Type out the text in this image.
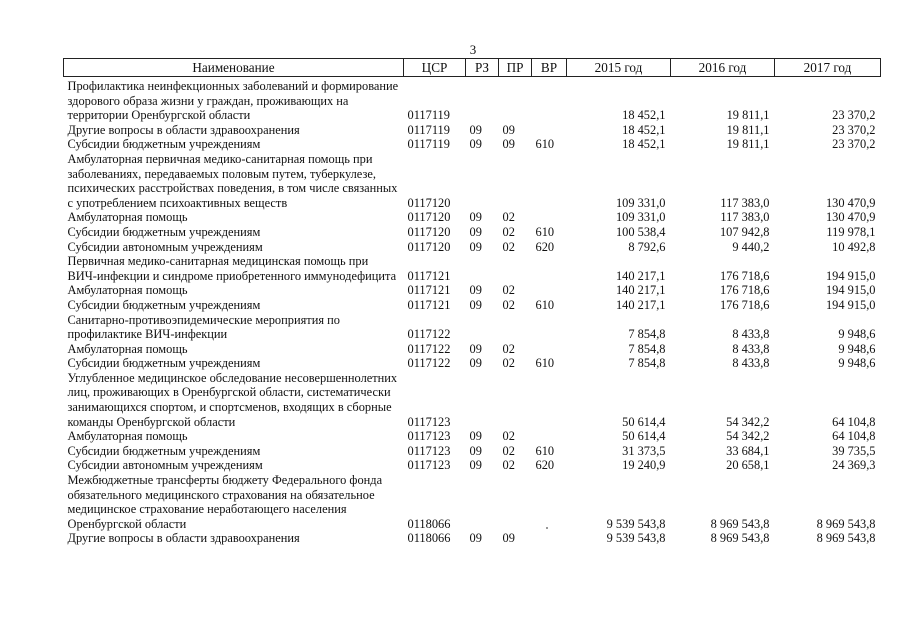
3
Наименование	ЦСР	РЗ	ПР	ВР	2015 год	2016 год	2017 год
Профилактика неинфекционных заболеваний и формирование здорового образа жизни у граждан, проживающих на территории Оренбургской области	0117119				18 452,1	19 811,1	23 370,2
Другие вопросы в области здравоохранения	0117119	09	09		18 452,1	19 811,1	23 370,2
Субсидии бюджетным учреждениям	0117119	09	09	610	18 452,1	19 811,1	23 370,2
Амбулаторная первичная медико-санитарная помощь при заболеваниях, передаваемых половым путем, туберкулезе, психических расстройствах поведения, в том числе связанных с употреблением психоактивных веществ	0117120				109 331,0	117 383,0	130 470,9
Амбулаторная помощь	0117120	09	02		109 331,0	117 383,0	130 470,9
Субсидии бюджетным учреждениям	0117120	09	02	610	100 538,4	107 942,8	119 978,1
Субсидии автономным учреждениям	0117120	09	02	620	8 792,6	9 440,2	10 492,8
Первичная медико-санитарная медицинская помощь при ВИЧ-инфекции и синдроме приобретенного иммунодефицита	0117121				140 217,1	176 718,6	194 915,0
Амбулаторная помощь	0117121	09	02		140 217,1	176 718,6	194 915,0
Субсидии бюджетным учреждениям	0117121	09	02	610	140 217,1	176 718,6	194 915,0
Санитарно-противоэпидемические мероприятия по профилактике ВИЧ-инфекции	0117122				7 854,8	8 433,8	9 948,6
Амбулаторная помощь	0117122	09	02		7 854,8	8 433,8	9 948,6
Субсидии бюджетным учреждениям	0117122	09	02	610	7 854,8	8 433,8	9 948,6
Углубленное медицинское обследование несовершеннолетних лиц, проживающих в Оренбургской области, систематически занимающихся спортом, и спортсменов, входящих в сборные команды Оренбургской области	0117123				50 614,4	54 342,2	64 104,8
Амбулаторная помощь	0117123	09	02		50 614,4	54 342,2	64 104,8
Субсидии бюджетным учреждениям	0117123	09	02	610	31 373,5	33 684,1	39 735,5
Субсидии автономным учреждениям	0117123	09	02	620	19 240,9	20 658,1	24 369,3
Межбюджетные трансферты бюджету Федерального фонда обязательного медицинского страхования на обязательное медицинское страхование неработающего населения Оренбургской области	0118066				9 539 543,8	8 969 543,8	8 969 543,8
Другие вопросы в области здравоохранения	0118066	09	09		9 539 543,8	8 969 543,8	8 969 543,8
